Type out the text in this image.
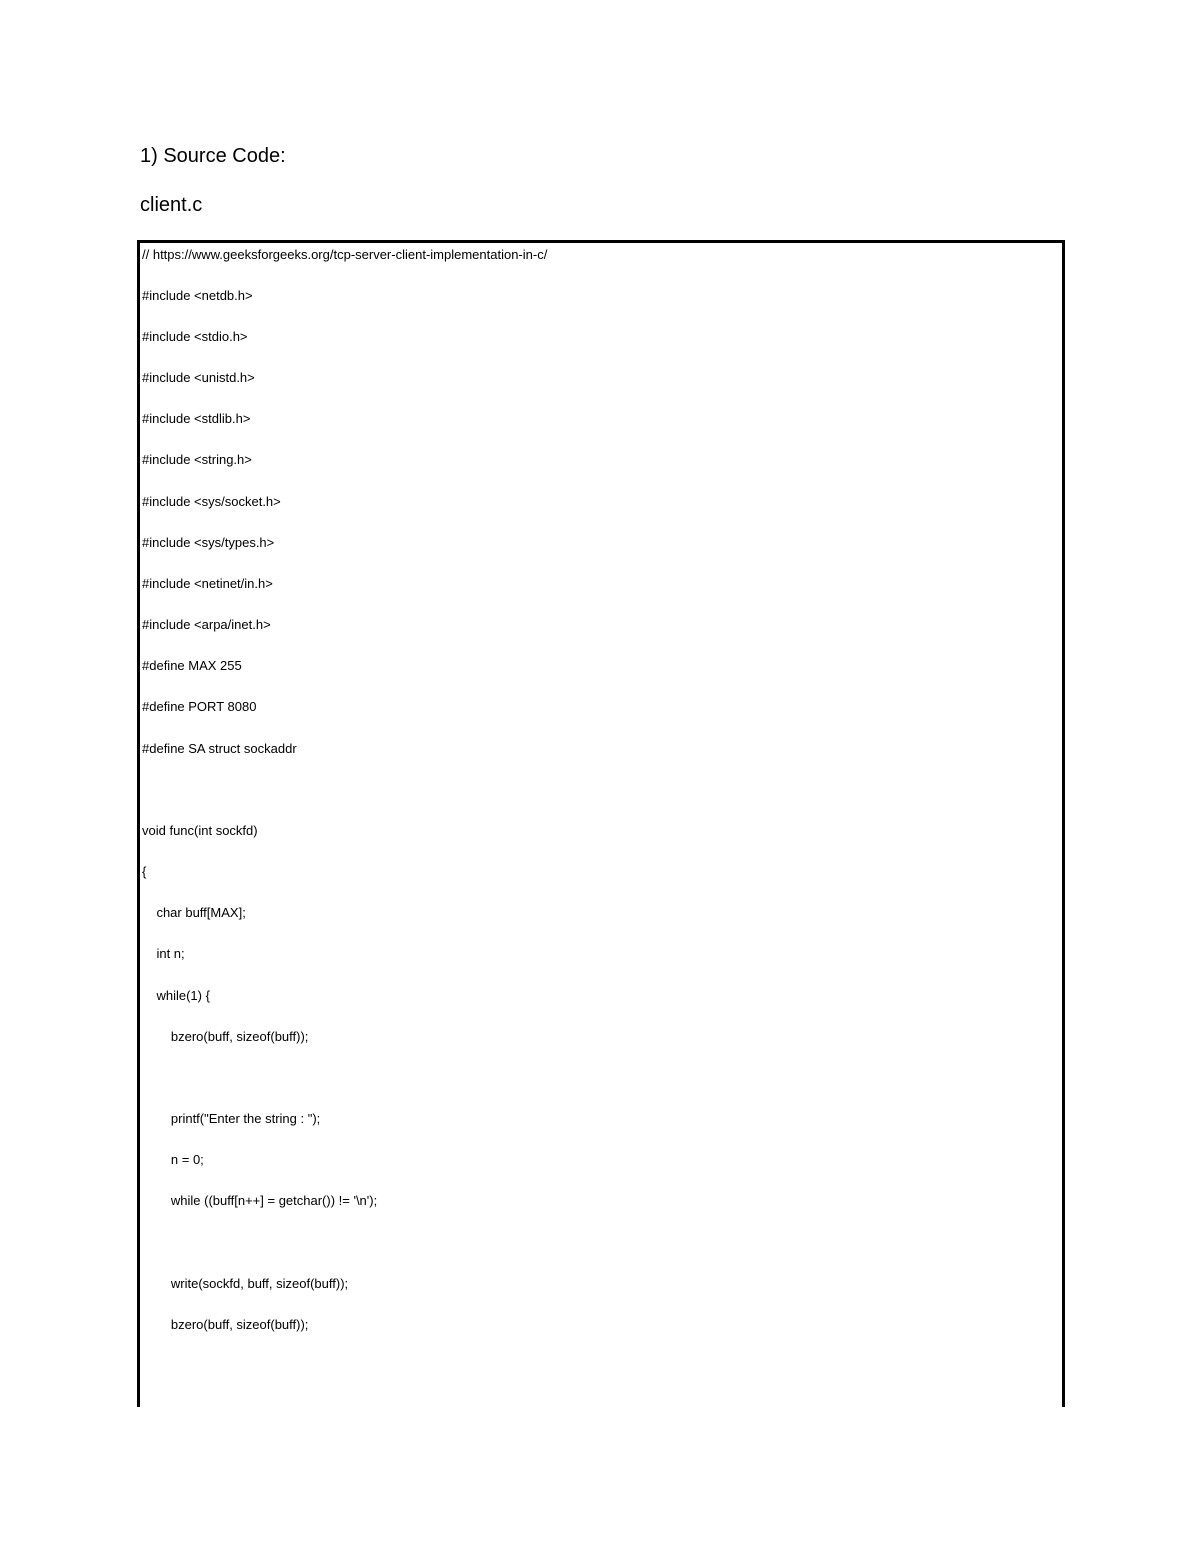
1) Source Code:
client.c
// https://www.geeksforgeeks.org/tcp-server-client-implementation-in-c/
#include <netdb.h>
#include <stdio.h>
#include <unistd.h>
#include <stdlib.h>
#include <string.h>
#include <sys/socket.h>
#include <sys/types.h>
#include <netinet/in.h>
#include <arpa/inet.h>
#define MAX 255
#define PORT 8080
#define SA struct sockaddr
void func(int sockfd)
{
char buff[MAX];
int n;
while(1) {
bzero(buff, sizeof(buff));
printf("Enter the string : ");
n = 0;
while ((buff[n++] = getchar()) != '\n');
write(sockfd, buff, sizeof(buff));
bzero(buff, sizeof(buff));
